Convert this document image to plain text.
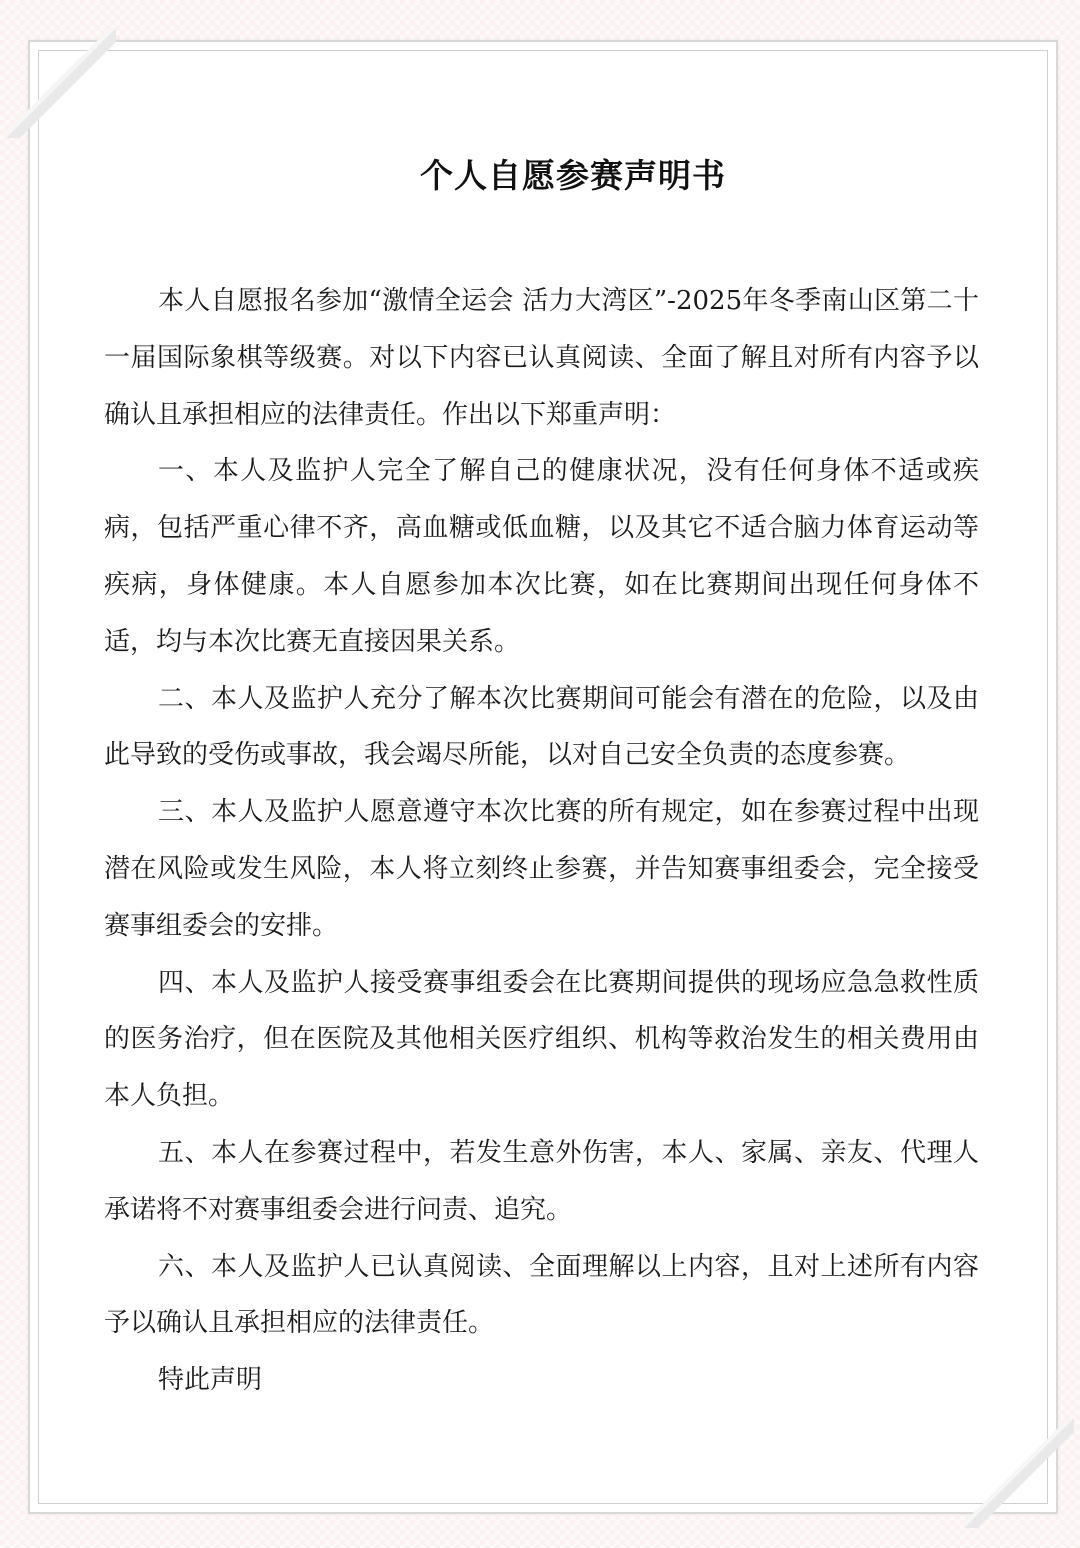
个人自愿参赛声明书

本人自愿报名参加“激情全运会 活力大湾区”-2025年冬季南山区第二十一届国际象棋等级赛。对以下内容已认真阅读、全面了解且对所有内容予以确认且承担相应的法律责任。作出以下郑重声明：

一、本人及监护人完全了解自己的健康状况，没有任何身体不适或疾病，包括严重心律不齐，高血糖或低血糖，以及其它不适合脑力体育运动等疾病，身体健康。本人自愿参加本次比赛，如在比赛期间出现任何身体不适，均与本次比赛无直接因果关系。

二、本人及监护人充分了解本次比赛期间可能会有潜在的危险，以及由此导致的受伤或事故，我会竭尽所能，以对自己安全负责的态度参赛。

三、本人及监护人愿意遵守本次比赛的所有规定，如在参赛过程中出现潜在风险或发生风险，本人将立刻终止参赛，并告知赛事组委会，完全接受赛事组委会的安排。

四、本人及监护人接受赛事组委会在比赛期间提供的现场应急急救性质的医务治疗，但在医院及其他相关医疗组织、机构等救治发生的相关费用由本人负担。

五、本人在参赛过程中，若发生意外伤害，本人、家属、亲友、代理人承诺将不对赛事组委会进行问责、追究。

六、本人及监护人已认真阅读、全面理解以上内容，且对上述所有内容予以确认且承担相应的法律责任。

特此声明
